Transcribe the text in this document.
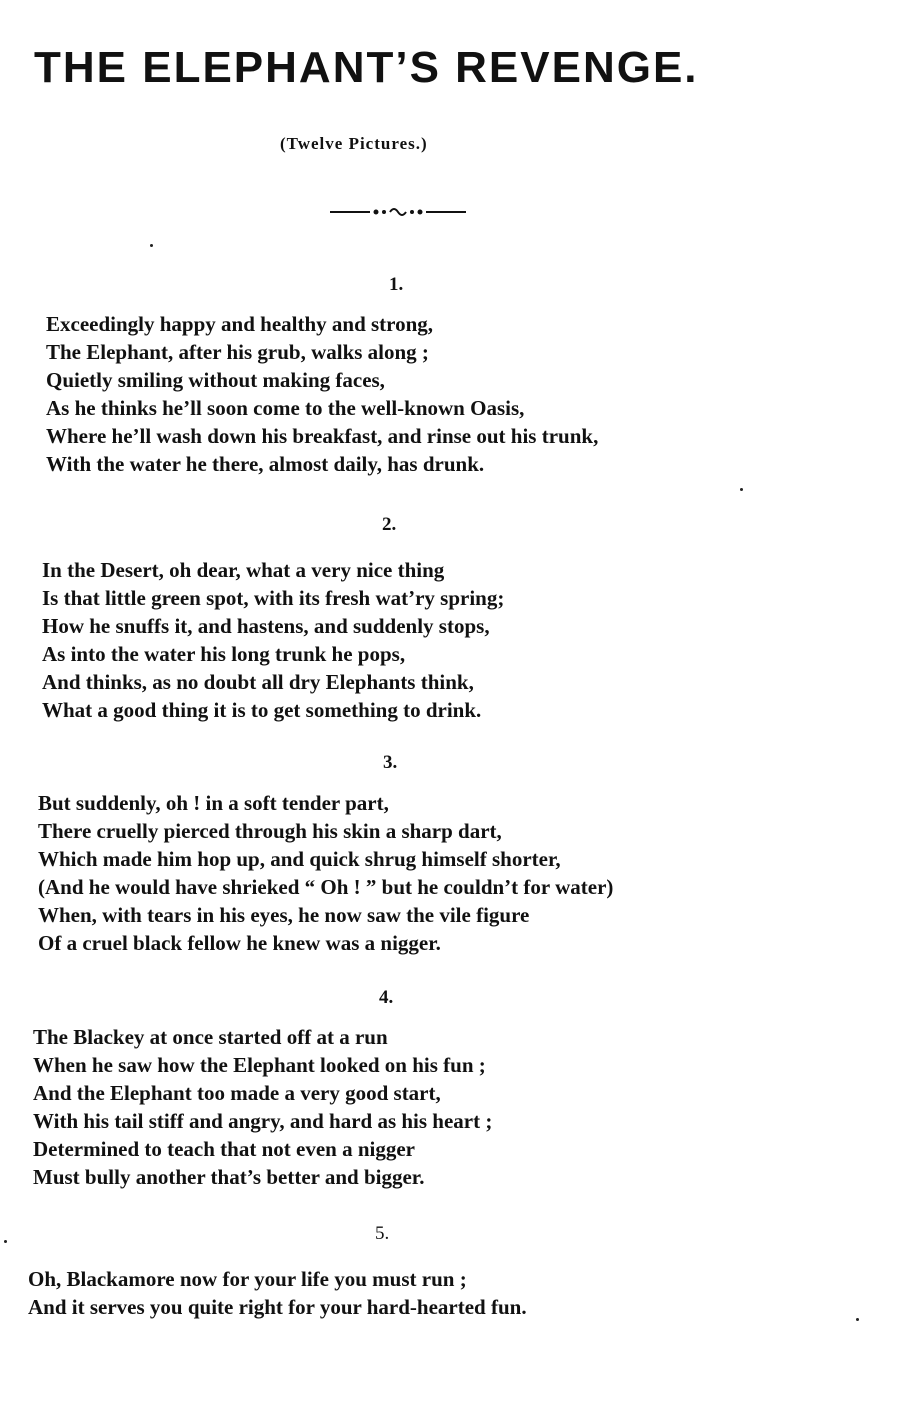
THE ELEPHANT’S REVENGE.
(Twelve Pictures.)
1.
Exceedingly happy and healthy and strong,
The Elephant, after his grub, walks along ;
Quietly smiling without making faces,
As he thinks he’ll soon come to the well-known Oasis,
Where he’ll wash down his breakfast, and rinse out his trunk,
With the water he there, almost daily, has drunk.
2.
In the Desert, oh dear, what a very nice thing
Is that little green spot, with its fresh wat’ry spring;
How he snuffs it, and hastens, and suddenly stops,
As into the water his long trunk he pops,
And thinks, as no doubt all dry Elephants think,
What a good thing it is to get something to drink.
3.
But suddenly, oh ! in a soft tender part,
There cruelly pierced through his skin a sharp dart,
Which made him hop up, and quick shrug himself shorter,
(And he would have shrieked “ Oh ! ” but he couldn’t for water)
When, with tears in his eyes, he now saw the vile figure
Of a cruel black fellow he knew was a nigger.
4.
The Blackey at once started off at a run
When he saw how the Elephant looked on his fun ;
And the Elephant too made a very good start,
With his tail stiff and angry, and hard as his heart ;
Determined to teach that not even a nigger
Must bully another that’s better and bigger.
5.
Oh, Blackamore now for your life you must run ;
And it serves you quite right for your hard-hearted fun.
